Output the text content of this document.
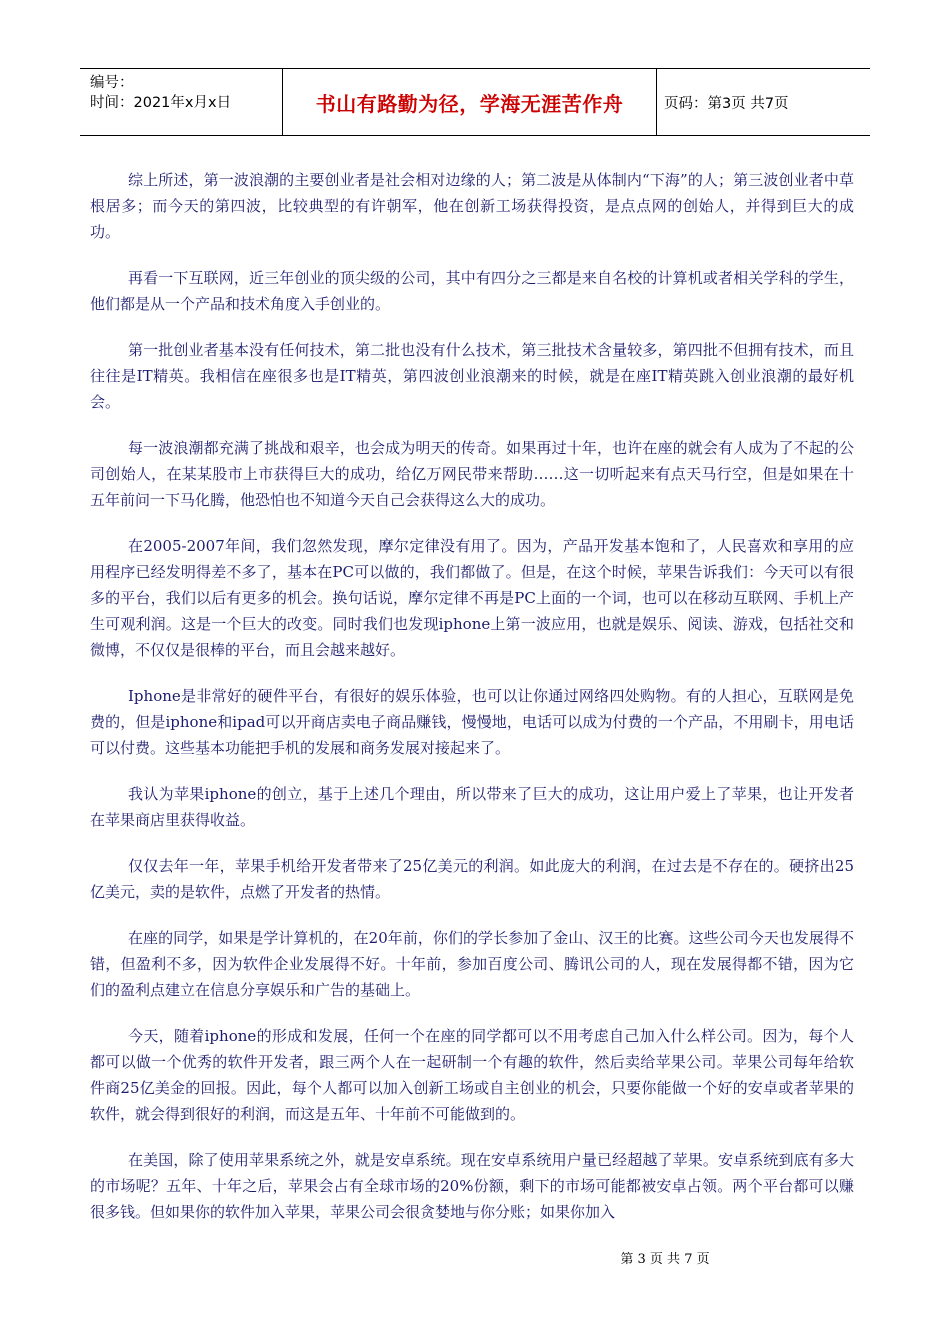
编号：
时间：2021年x月x日	书山有路勤为径，学海无涯苦作舟	页码：第3页 共7页

综上所述，第一波浪潮的主要创业者是社会相对边缘的人；第二波是从体制内“下海”的人；第三波创业者中草根居多；而今天的第四波，比较典型的有许朝军，他在创新工场获得投资，是点点网的创始人，并得到巨大的成功。

再看一下互联网，近三年创业的顶尖级的公司，其中有四分之三都是来自名校的计算机或者相关学科的学生，他们都是从一个产品和技术角度入手创业的。

第一批创业者基本没有任何技术，第二批也没有什么技术，第三批技术含量较多，第四批不但拥有技术，而且往往是IT精英。我相信在座很多也是IT精英，第四波创业浪潮来的时候，就是在座IT精英跳入创业浪潮的最好机会。

每一波浪潮都充满了挑战和艰辛，也会成为明天的传奇。如果再过十年，也许在座的就会有人成为了不起的公司创始人，在某某股市上市获得巨大的成功，给亿万网民带来帮助……这一切听起来有点天马行空，但是如果在十五年前问一下马化腾，他恐怕也不知道今天自己会获得这么大的成功。

在2005-2007年间，我们忽然发现，摩尔定律没有用了。因为，产品开发基本饱和了，人民喜欢和享用的应用程序已经发明得差不多了，基本在PC可以做的，我们都做了。但是，在这个时候，苹果告诉我们：今天可以有很多的平台，我们以后有更多的机会。换句话说，摩尔定律不再是PC上面的一个词，也可以在移动互联网、手机上产生可观利润。这是一个巨大的改变。同时我们也发现iphone上第一波应用，也就是娱乐、阅读、游戏，包括社交和微博，不仅仅是很棒的平台，而且会越来越好。

Iphone是非常好的硬件平台，有很好的娱乐体验，也可以让你通过网络四处购物。有的人担心，互联网是免费的，但是iphone和ipad可以开商店卖电子商品赚钱，慢慢地，电话可以成为付费的一个产品，不用刷卡，用电话可以付费。这些基本功能把手机的发展和商务发展对接起来了。

我认为苹果iphone的创立，基于上述几个理由，所以带来了巨大的成功，这让用户爱上了苹果，也让开发者在苹果商店里获得收益。

仅仅去年一年，苹果手机给开发者带来了25亿美元的利润。如此庞大的利润，在过去是不存在的。硬挤出25亿美元，卖的是软件，点燃了开发者的热情。

在座的同学，如果是学计算机的，在20年前，你们的学长参加了金山、汉王的比赛。这些公司今天也发展得不错，但盈利不多，因为软件企业发展得不好。十年前，参加百度公司、腾讯公司的人，现在发展得都不错，因为它们的盈利点建立在信息分享娱乐和广告的基础上。

今天，随着iphone的形成和发展，任何一个在座的同学都可以不用考虑自己加入什么样公司。因为，每个人都可以做一个优秀的软件开发者，跟三两个人在一起研制一个有趣的软件，然后卖给苹果公司。苹果公司每年给软件商25亿美金的回报。因此，每个人都可以加入创新工场或自主创业的机会，只要你能做一个好的安卓或者苹果的软件，就会得到很好的利润，而这是五年、十年前不可能做到的。

在美国，除了使用苹果系统之外，就是安卓系统。现在安卓系统用户量已经超越了苹果。安卓系统到底有多大的市场呢？五年、十年之后，苹果会占有全球市场的20%份额，剩下的市场可能都被安卓占领。两个平台都可以赚很多钱。但如果你的软件加入苹果，苹果公司会很贪婪地与你分账；如果你加入

第 3 页 共 7 页
